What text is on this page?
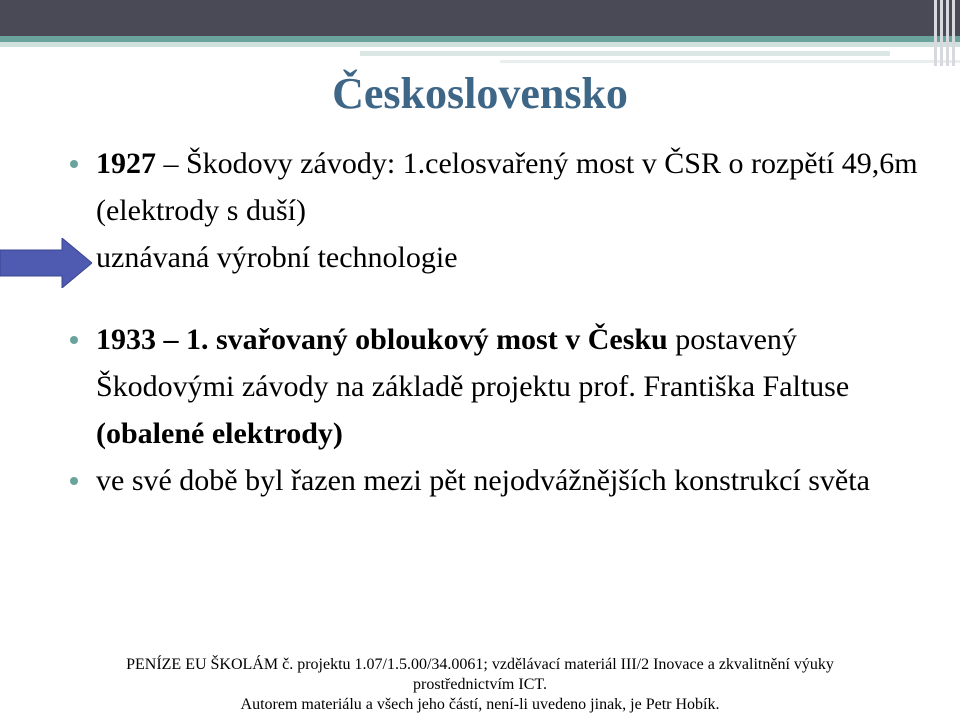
Československo

1927 – Škodovy závody: 1.celosvařený most v ČSR o rozpětí 49,6m (elektrody s duší)

uznávaná výrobní technologie

1933 – 1. svařovaný obloukový most v Česku postavený Škodovými závody na základě projektu prof. Františka Faltuse (obalené elektrody)

ve své době byl řazen mezi pět nejodvážnějších konstrukcí světa

PENÍZE EU ŠKOLÁM č. projektu 1.07/1.5.00/34.0061; vzdělávací materiál III/2 Inovace a zkvalitnění výuky
prostřednictvím ICT.
Autorem materiálu a všech jeho částí, není-li uvedeno jinak, je Petr Hobík.
